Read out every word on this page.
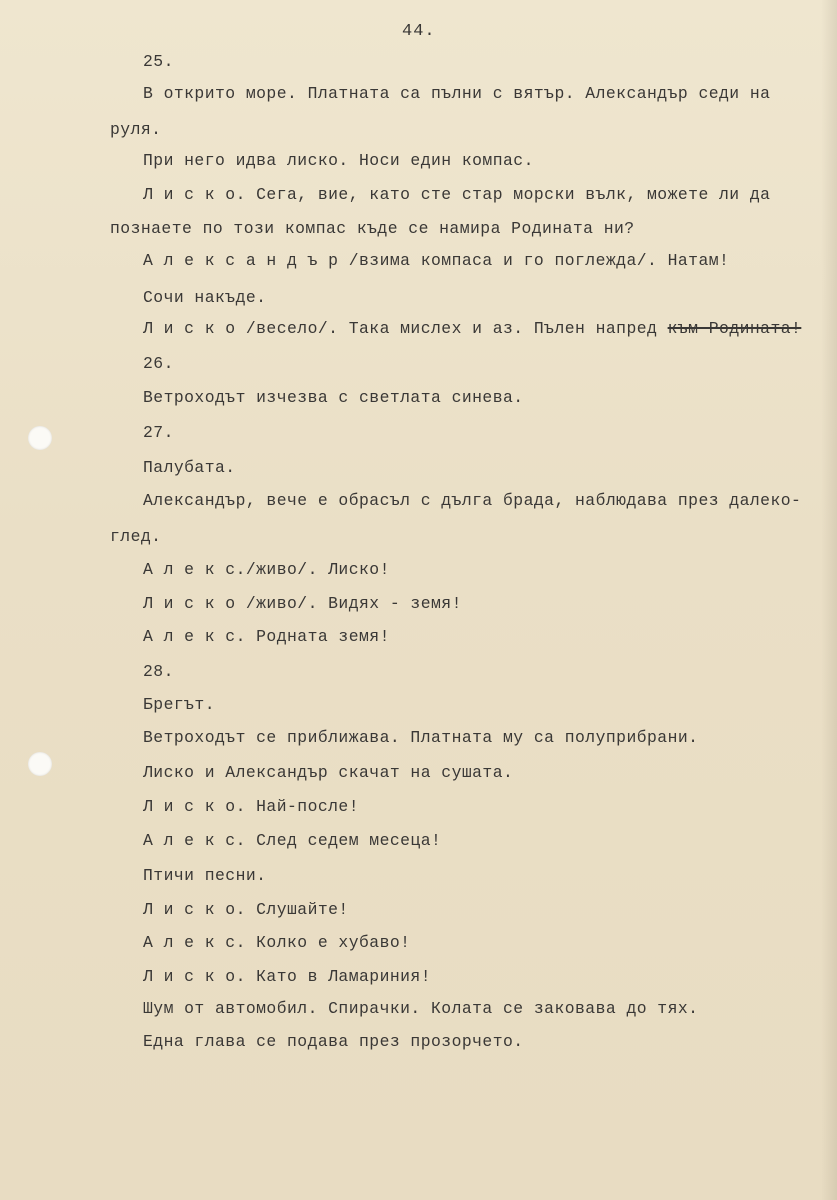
44.

25.

В открито море. Платната са пълни с вятър. Александър седи на

руля.

При него идва лиско. Носи един компас.

Л и с к о. Сега, вие, като сте стар морски вълк, можете ли да

познаете по този компас къде се намира Родината ни?

А л е к с а н д ъ р /взима компаса и го поглежда/. Натам!

Сочи накъде.

Л и с к о /весело/. Така мислех и аз. Пълен напред към Родината!

26.

Ветроходът изчезва с светлата синева.

27.

Палубата.

Александър, вече е обрасъл с дълга брада, наблюдава през далеко-

глед.

А л е к с./живо/. Лиско!

Л и с к о /живо/. Видях - земя!

А л е к с. Родната земя!

28.

Брегът.

Ветроходът се приближава. Платната му са полуприбрани.

Лиско и Александър скачат на сушата.

Л и с к о. Най-после!

А л е к с. След седем месеца!

Птичи песни.

Л и с к о. Слушайте!

А л е к с. Колко е хубаво!

Л и с к о. Като в Ламариния!

Шум от автомобил. Спирачки. Колата се заковава до тях.

Една глава се подава през прозорчето.
